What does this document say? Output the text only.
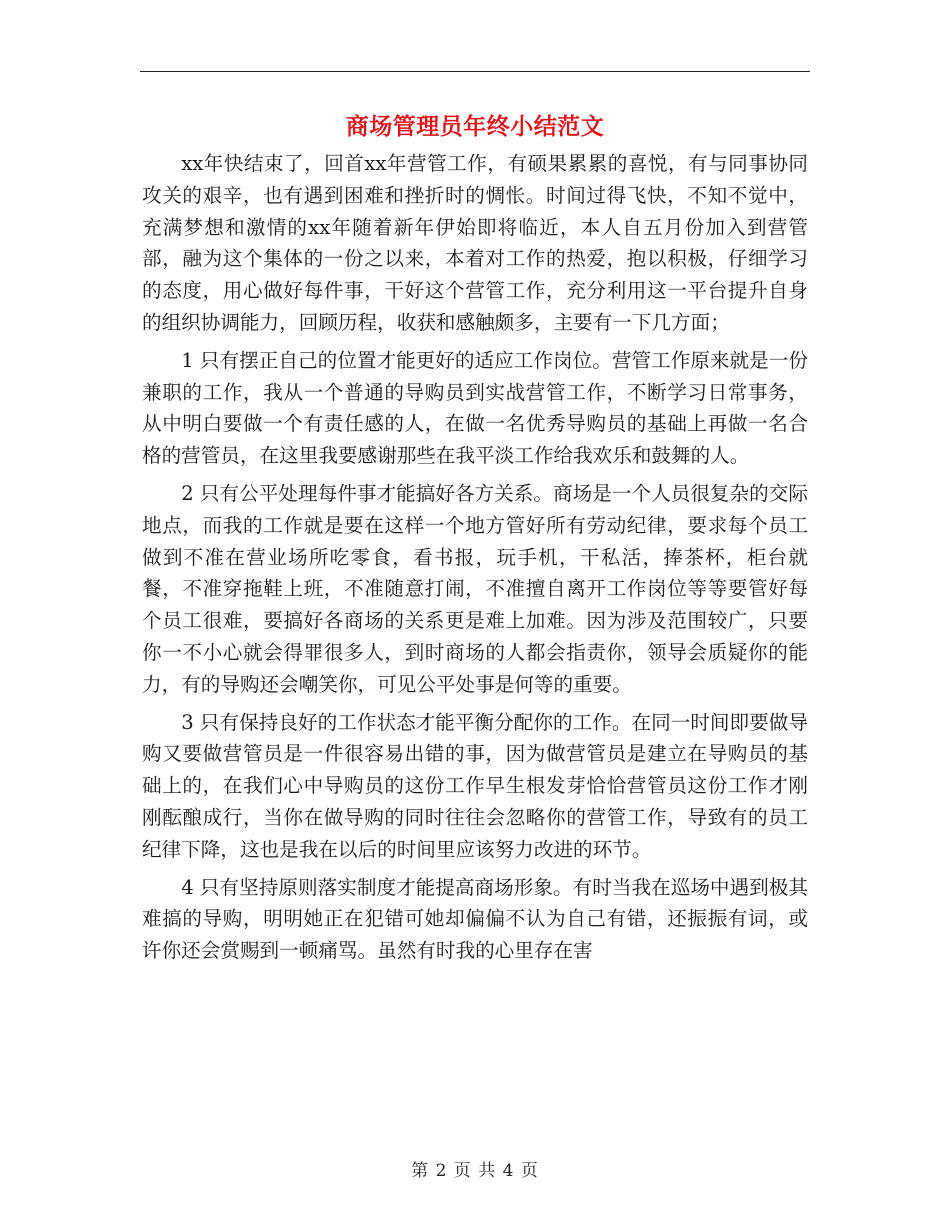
商场管理员年终小结范文

xx年快结束了，回首xx年营管工作，有硕果累累的喜悦，有与同事协同攻关的艰辛，也有遇到困难和挫折时的惆怅。时间过得飞快，不知不觉中，充满梦想和激情的xx年随着新年伊始即将临近，本人自五月份加入到营管部，融为这个集体的一份之以来，本着对工作的热爱，抱以积极，仔细学习的态度，用心做好每件事，干好这个营管工作，充分利用这一平台提升自身的组织协调能力，回顾历程，收获和感触颇多，主要有一下几方面；

1 只有摆正自己的位置才能更好的适应工作岗位。营管工作原来就是一份兼职的工作，我从一个普通的导购员到实战营管工作，不断学习日常事务，从中明白要做一个有责任感的人，在做一名优秀导购员的基础上再做一名合格的营管员，在这里我要感谢那些在我平淡工作给我欢乐和鼓舞的人。

2 只有公平处理每件事才能搞好各方关系。商场是一个人员很复杂的交际地点，而我的工作就是要在这样一个地方管好所有劳动纪律，要求每个员工做到不准在营业场所吃零食，看书报，玩手机，干私活，捧茶杯，柜台就餐，不准穿拖鞋上班，不准随意打闹，不准擅自离开工作岗位等等要管好每个员工很难，要搞好各商场的关系更是难上加难。因为涉及范围较广，只要你一不小心就会得罪很多人，到时商场的人都会指责你，领导会质疑你的能力，有的导购还会嘲笑你，可见公平处事是何等的重要。

3 只有保持良好的工作状态才能平衡分配你的工作。在同一时间即要做导购又要做营管员是一件很容易出错的事，因为做营管员是建立在导购员的基础上的，在我们心中导购员的这份工作早生根发芽恰恰营管员这份工作才刚刚酝酿成行，当你在做导购的同时往往会忽略你的营管工作，导致有的员工纪律下降，这也是我在以后的时间里应该努力改进的环节。

4 只有坚持原则落实制度才能提高商场形象。有时当我在巡场中遇到极其难搞的导购，明明她正在犯错可她却偏偏不认为自己有错，还振振有词，或许你还会赏赐到一顿痛骂。虽然有时我的心里存在害

第 2 页 共 4 页
